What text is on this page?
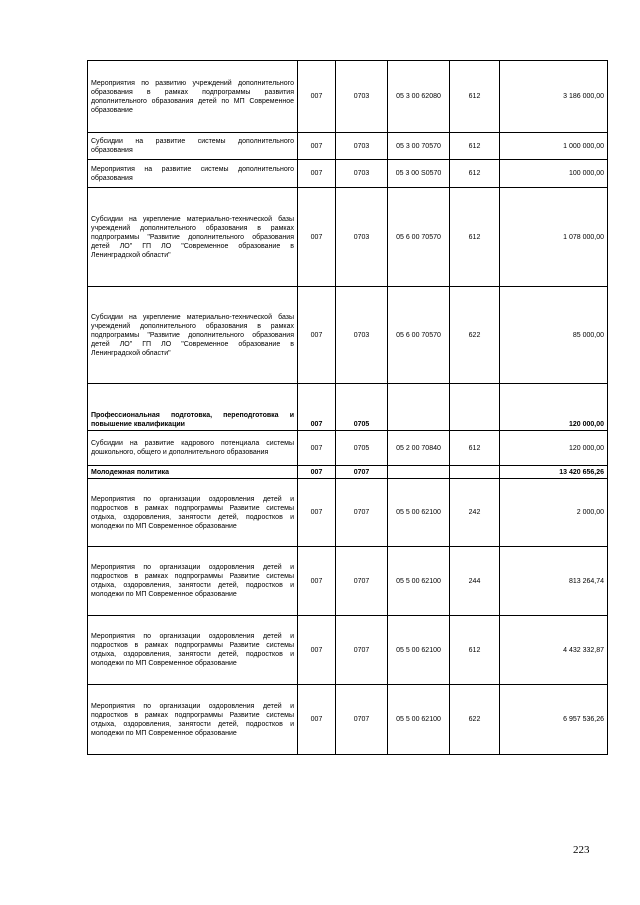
Мероприятия по развитию учреждений дополнительного образования в рамках подпрограммы развития дополнительного образования детей по МП Современное образование	007	0703	05 3 00 62080	612	3 186 000,00
Субсидии на развитие системы дополнительного образования	007	0703	05 3 00 70570	612	1 000 000,00
Мероприятия на развитие системы дополнительного образования	007	0703	05 3 00 S0570	612	100 000,00
Субсидии на укрепление материально-технической базы учреждений дополнительного образования в рамках подпрограммы "Развитие дополнительного образования детей ЛО" ГП ЛО "Современное образование в Ленинградской области"	007	0703	05 6 00 70570	612	1 078 000,00
Субсидии на укрепление материально-технической базы учреждений дополнительного образования в рамках подпрограммы "Развитие дополнительного образования детей ЛО" ГП ЛО "Современное образование в Ленинградской области"	007	0703	05 6 00 70570	622	85 000,00
Профессиональная подготовка, переподготовка и повышение квалификации	007	0705			120 000,00
Субсидии на развитие кадрового потенциала системы дошкольного, общего и дополнительного образования	007	0705	05 2 00 70840	612	120 000,00
Молодежная политика	007	0707			13 420 656,26
Мероприятия по организации оздоровления детей и подростков в рамках подпрограммы Развитие системы отдыха, оздоровления, занятости детей, подростков и молодежи по МП Современное образование	007	0707	05 5 00 62100	242	2 000,00
Мероприятия по организации оздоровления детей и подростков в рамках подпрограммы Развитие системы отдыха, оздоровления, занятости детей, подростков и молодежи по МП Современное образование	007	0707	05 5 00 62100	244	813 264,74
Мероприятия по организации оздоровления детей и подростков в рамках подпрограммы Развитие системы отдыха, оздоровления, занятости детей, подростков и молодежи по МП Современное образование	007	0707	05 5 00 62100	612	4 432 332,87
Мероприятия по организации оздоровления детей и подростков в рамках подпрограммы Развитие системы отдыха, оздоровления, занятости детей, подростков и молодежи по МП Современное образование	007	0707	05 5 00 62100	622	6 957 536,26
223
